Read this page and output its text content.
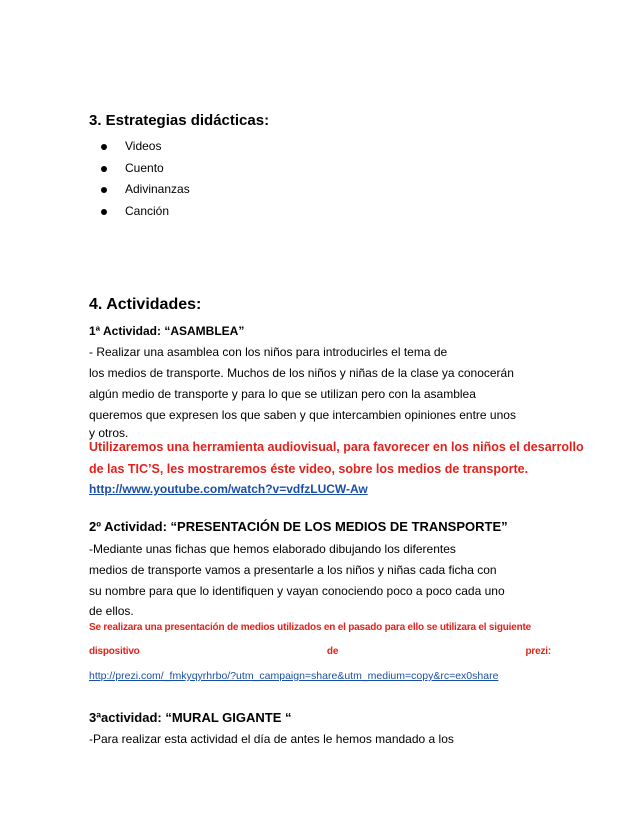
3. Estrategias didácticas:
Videos
Cuento
Adivinanzas
Canción
4. Actividades:
1ª Actividad: “ASAMBLEA”
- Realizar una asamblea con los niños para introducirles el tema de
los medios de transporte. Muchos de los niños y niñas de la clase ya conocerán
algún medio de transporte y para lo que se utilizan pero con la asamblea
queremos que expresen los que saben y que intercambien opiniones entre unos
y otros.
Utilizaremos una herramienta audiovisual, para favorecer en los niños el desarrollo
de las TIC’S, les mostraremos éste video, sobre los medios de transporte.
http://www.youtube.com/watch?v=vdfzLUCW-Aw
2º Actividad: “PRESENTACIÓN DE LOS MEDIOS DE TRANSPORTE”
-Mediante unas fichas que hemos elaborado dibujando los diferentes
medios de transporte vamos a presentarle a los niños y niñas cada ficha con
su nombre para que lo identifiquen y vayan conociendo poco a poco cada uno
de ellos.
Se realizara una presentación de medios utilizados en el pasado para ello se utilizara el siguiente
dispositivo	de	prezi:
http://prezi.com/_fmkyqyrhrbo/?utm_campaign=share&utm_medium=copy&rc=ex0share
3ªactividad: “MURAL GIGANTE “
-Para realizar esta actividad el día de antes le hemos mandado a los
